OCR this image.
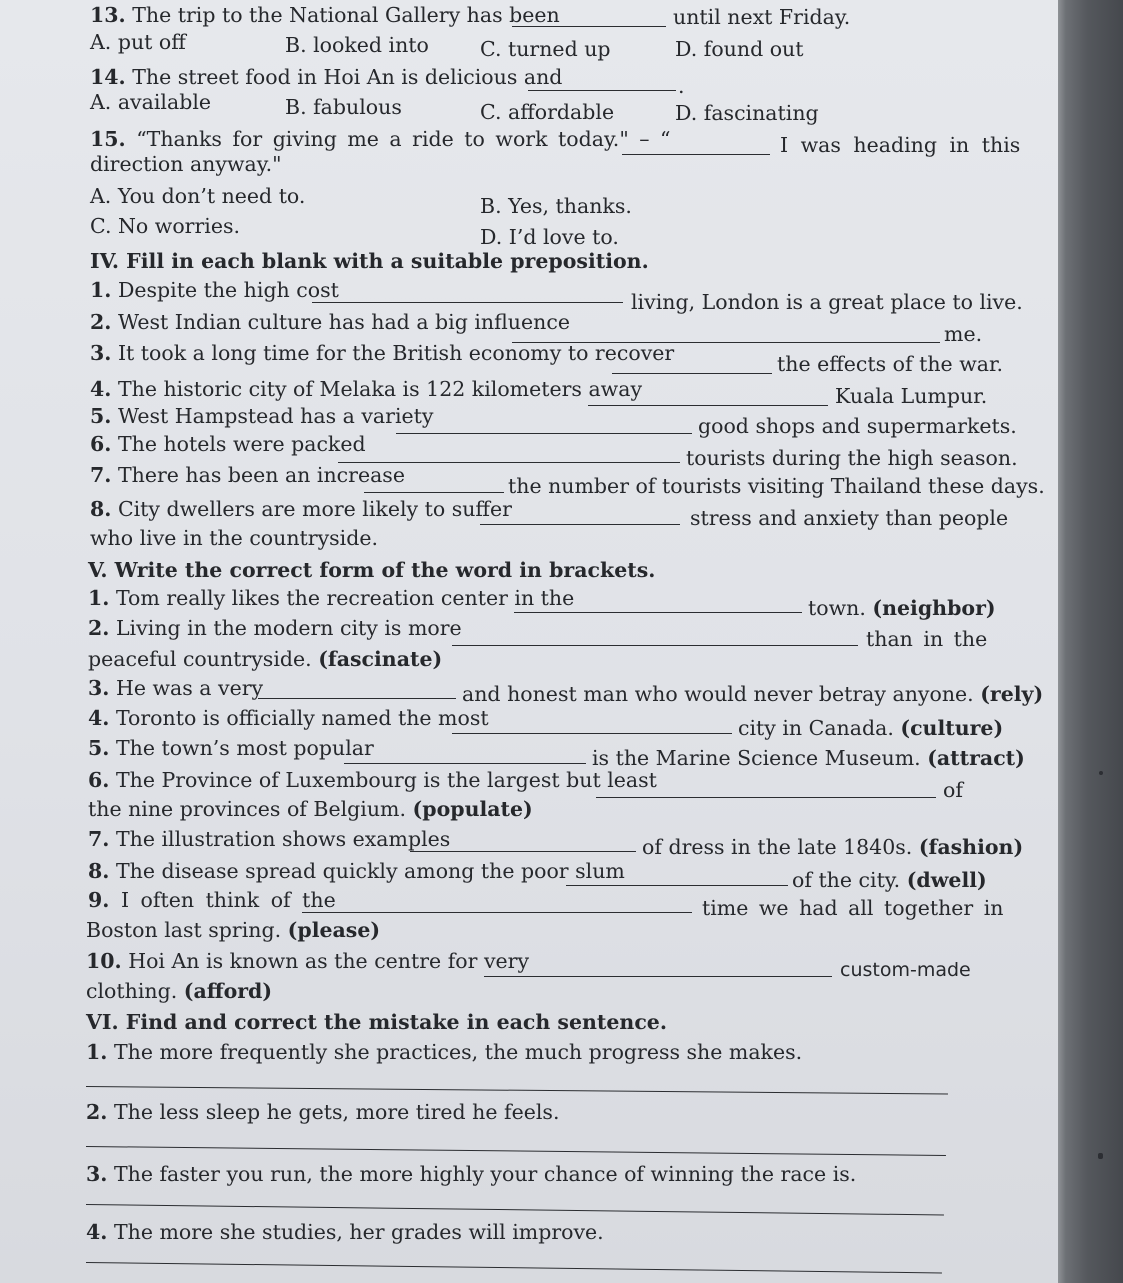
13. The trip to the National Gallery has been	until next Friday.
A. put off	B. looked into C. turned up	D. found out
14. The street food in Hoi An is delicious and	.
A. available	B. fabulous	C. affordable	D. fascinating
15. “Thanks for giving me a ride to work today." – “	I was heading in this
direction anyway."
A. You don’t need to.	B. Yes, thanks.
C. No worries.	D. I’d love to.
IV. Fill in each blank with a suitable preposition.
1. Despite the high cost	living, London is a great place to live.
2. West Indian culture has had a big influence	me.
3. It took a long time for the British economy to recover	the effects of the war.
4. The historic city of Melaka is 122 kilometers away	Kuala Lumpur.
5. West Hampstead has a variety	good shops and supermarkets.
6. The hotels were packed
tourists during the high season.
7. There has been an increase	the number of tourists visiting Thailand these days.
8. City dwellers are more likely to suffer	stress and anxiety than people
who live in the countryside.
V. Write the correct form of the word in brackets.
1. Tom really likes the recreation center in the	town. (neighbor)
2. Living in the modern city is more	than in the
peaceful countryside. (fascinate)
3. He was a very	and honest man who would never betray anyone. (rely)
4. Toronto is officially named the most	city in Canada. (culture)
5. The town’s most popular	is the Marine Science Museum. (attract)
6. The Province of Luxembourg is the largest but least	of
the nine provinces of Belgium. (populate)
7. The illustration shows examples	of dress in the late 1840s. (fashion)
8. The disease spread quickly among the poor slum	of the city. (dwell)
9. I often think of the	time we had all together in
Boston last spring. (please)
10. Hoi An is known as the centre for very	custom-made
clothing. (afford)
VI. Find and correct the mistake in each sentence.
1. The more frequently she practices, the much progress she makes.
2. The less sleep he gets, more tired he feels.
3. The faster you run, the more highly your chance of winning the race is.
4. The more she studies, her grades will improve.
